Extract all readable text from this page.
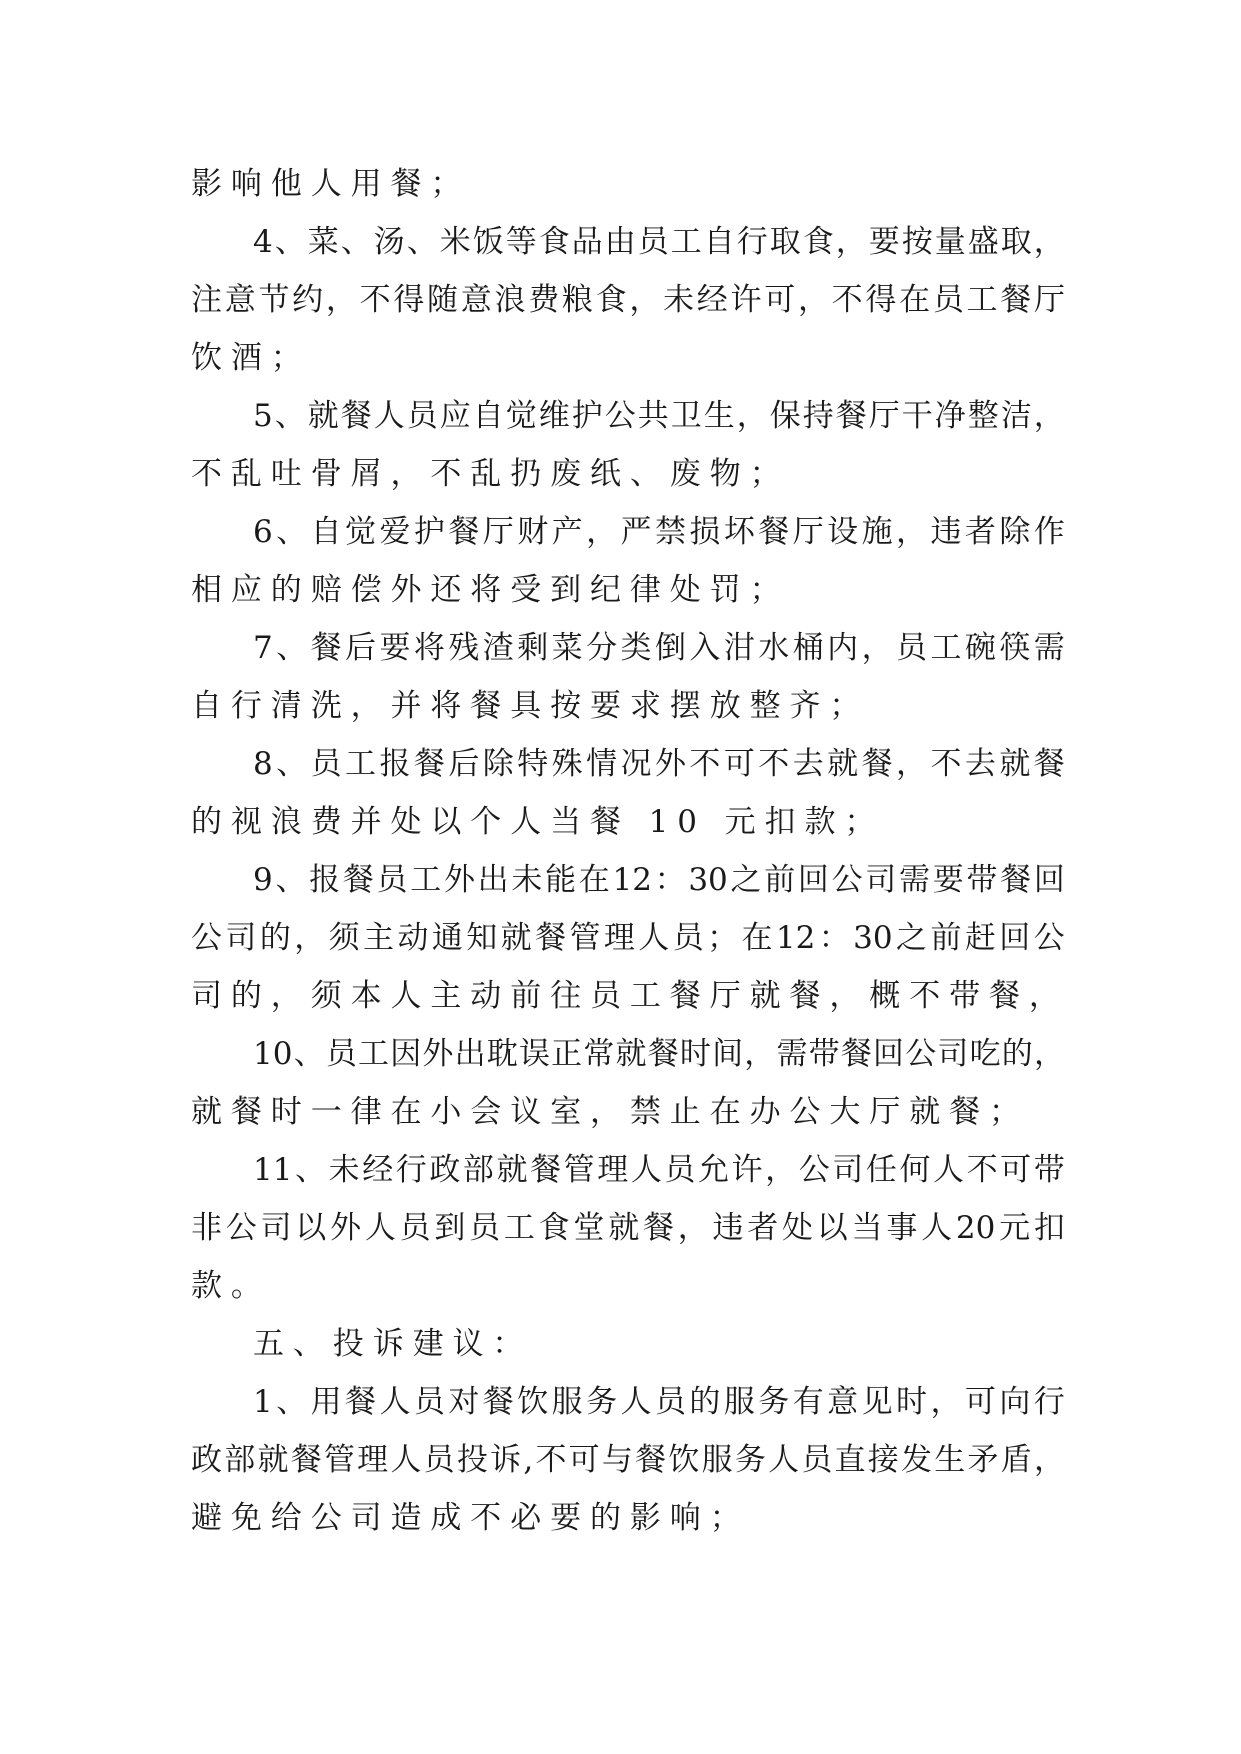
影响他人用餐；
4 、 菜 、 汤 、 米 饭 等 食 品 由 员 工 自 行 取 食 ， 要 按 量 盛 取 ，
注 意 节 约 ， 不 得 随 意 浪 费 粮 食 ， 未 经 许 可 ， 不 得 在 员 工 餐 厅
饮酒；
5 、 就 餐 人 员 应 自 觉 维 护 公 共 卫 生 ， 保 持 餐 厅 干 净 整 洁 ，
不乱吐骨屑，不乱扔废纸、废物；
6 、 自 觉 爱 护 餐 厅 财 产 ， 严 禁 损 坏 餐 厅 设 施 ， 违 者 除 作
相应的赔偿外还将受到纪律处罚；
7 、 餐 后 要 将 残 渣 剩 菜 分 类 倒 入 泔 水 桶 内 ， 员 工 碗 筷 需
自行清洗，并将餐具按要求摆放整齐；
8 、 员 工 报 餐 后 除 特 殊 情 况 外 不 可 不 去 就 餐 ， 不 去 就 餐
的视浪费并处以个人当餐 10 元扣款；
9 、 报 餐 员 工 外 出 未 能 在 12 ： 30 之 前 回 公 司 需 要 带 餐 回
公 司 的 ， 须 主 动 通 知 就 餐 管 理 人 员 ； 在 12 ： 30 之 前 赶 回 公
司的，须本人主动前往员工餐厅就餐，概不带餐，
10 、 员 工 因 外 出 耽 误 正 常 就 餐 时 间 ， 需 带 餐 回 公 司 吃 的 ，
就餐时一律在小会议室，禁止在办公大厅就餐；
11 、 未 经 行 政 部 就 餐 管 理 人 员 允 许 ， 公 司 任 何 人 不 可 带
非 公 司 以 外 人 员 到 员 工 食 堂 就 餐 ， 违 者 处 以 当 事 人 20 元 扣
款。
五、投诉建议：
1 、 用 餐 人 员 对 餐 饮 服 务 人 员 的 服 务 有 意 见 时 ， 可 向 行
政 部 就 餐 管 理 人 员 投 诉 , 不 可 与 餐 饮 服 务 人 员 直 接 发 生 矛 盾 ，
避免给公司造成不必要的影响；
